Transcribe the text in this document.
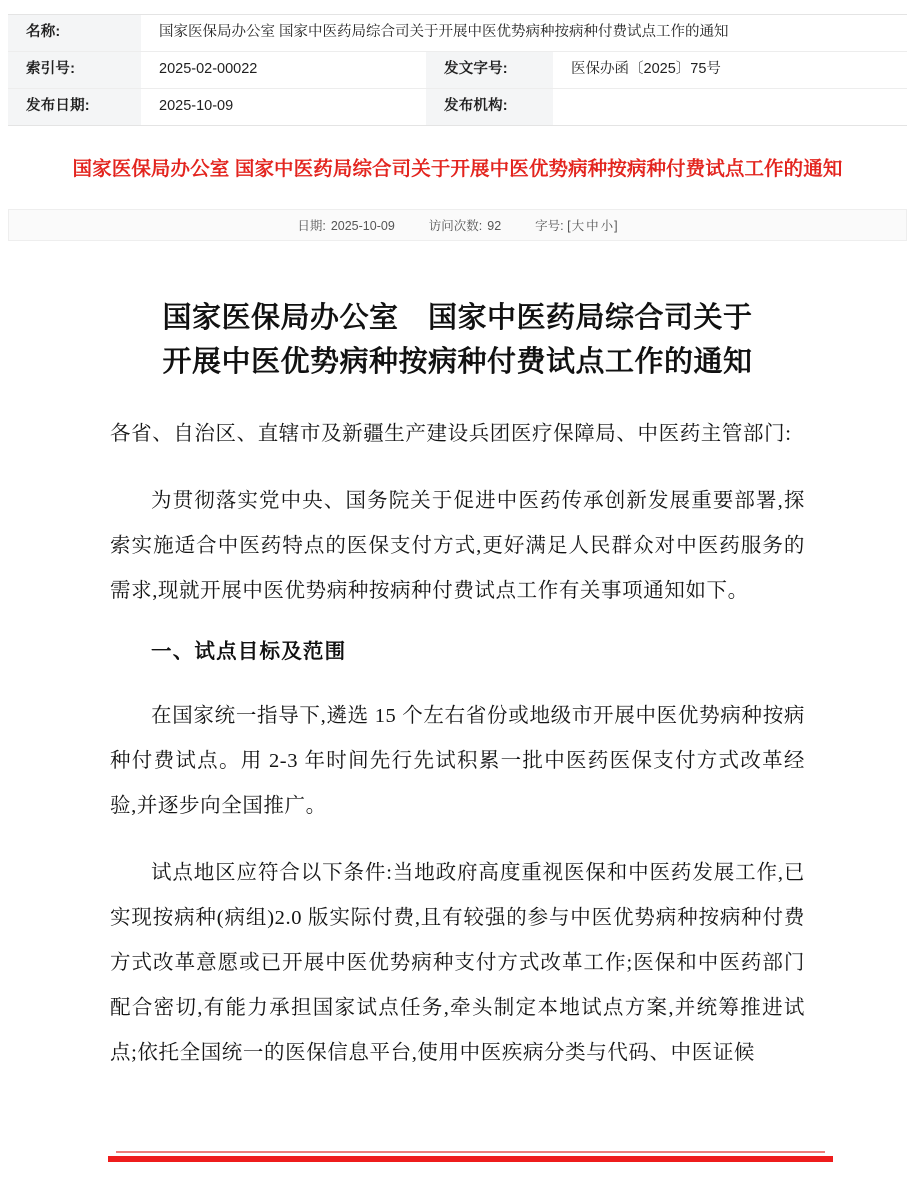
名称:	国家医保局办公室 国家中医药局综合司关于开展中医优势病种按病种付费试点工作的通知		
索引号:	2025-02-00022	发文字号:	医保办函〔2025〕75号
发布日期:	2025-10-09	发布机构:	
国家医保局办公室 国家中医药局综合司关于开展中医优势病种按病种付费试点工作的通知
日期: 2025-10-09	访问次数: 92	字号: [大 中 小]
国家医保局办公室　国家中医药局综合司关于
开展中医优势病种按病种付费试点工作的通知

各省、自治区、直辖市及新疆生产建设兵团医疗保障局、中医药主管部门:

为贯彻落实党中央、国务院关于促进中医药传承创新发展重要部署,探索实施适合中医药特点的医保支付方式,更好满足人民群众对中医药服务的需求,现就开展中医优势病种按病种付费试点工作有关事项通知如下。

一、试点目标及范围

在国家统一指导下,遴选 15 个左右省份或地级市开展中医优势病种按病种付费试点。用 2-3 年时间先行先试积累一批中医药医保支付方式改革经验,并逐步向全国推广。

试点地区应符合以下条件:当地政府高度重视医保和中医药发展工作,已实现按病种(病组)2.0 版实际付费,且有较强的参与中医优势病种按病种付费方式改革意愿或已开展中医优势病种支付方式改革工作;医保和中医药部门配合密切,有能力承担国家试点任务,牵头制定本地试点方案,并统筹推进试点;依托全国统一的医保信息平台,使用中医疾病分类与代码、中医证候
